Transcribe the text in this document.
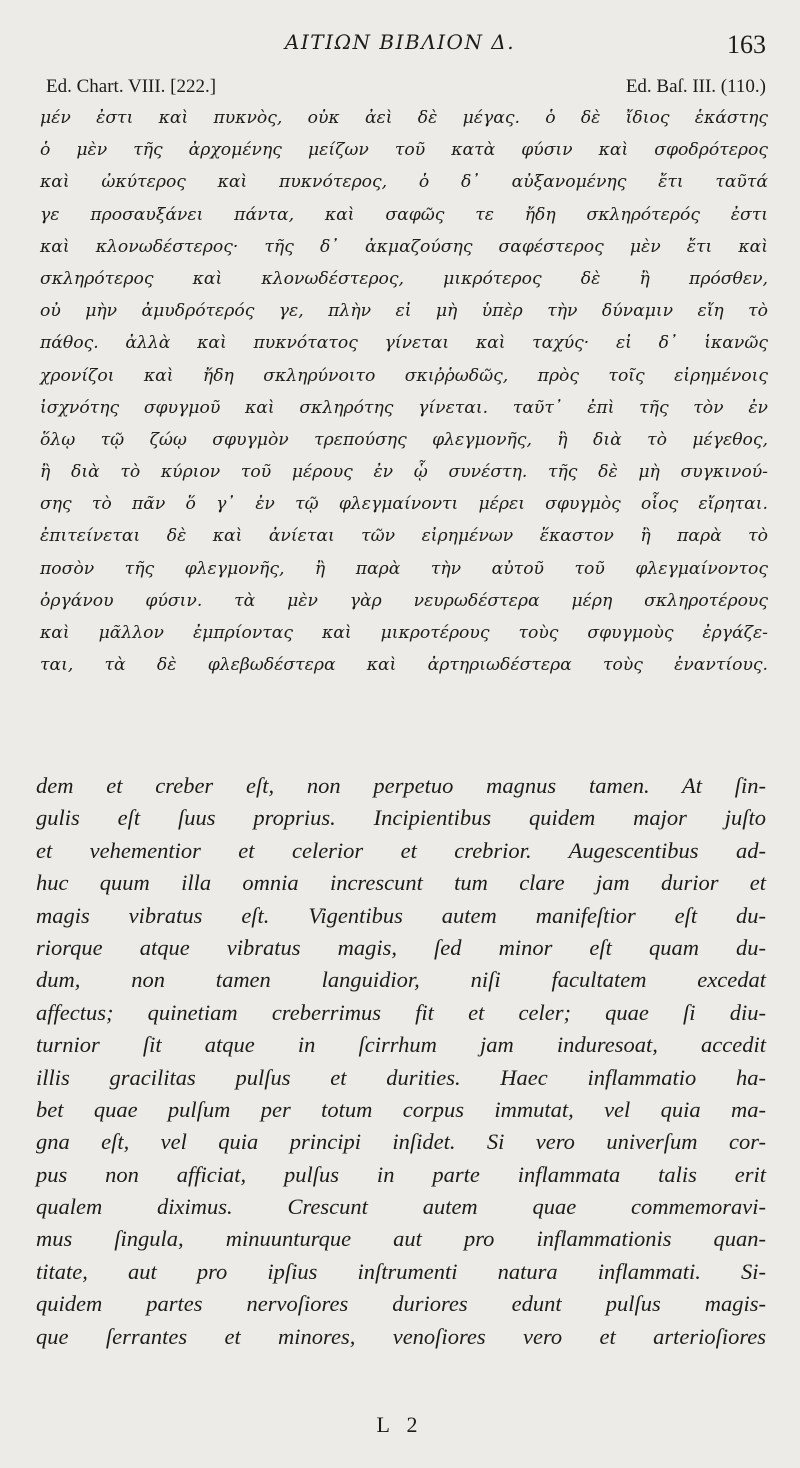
ΑΙΤΙΩΝ ΒΙΒΛΙΟΝ Δ.	163
Ed. Chart. VIII. [222.]	Ed. Baſ. III. (110.)
μέν ἐστι καὶ πυκνὸς, οὐκ ἀεὶ δὲ μέγας. ὁ δὲ ἴδιος ἑκάστης
ὁ μὲν τῆς ἀρχομένης μείζων τοῦ κατὰ φύσιν καὶ σφοδρότερος
καὶ ὠκύτερος καὶ πυκνότερος, ὁ δ᾽ αὐξανομένης ἔτι ταῦτά
γε προσαυξάνει πάντα, καὶ σαφῶς τε ἤδη σκληρότερός ἐστι
καὶ κλονωδέστερος· τῆς δ᾽ ἀκμαζούσης σαφέστερος μὲν ἔτι καὶ
σκληρότερος καὶ κλονωδέστερος, μικρότερος δὲ ἢ πρόσθεν,
οὐ μὴν ἀμυδρότερός γε, πλὴν εἰ μὴ ὑπὲρ τὴν δύναμιν εἴη τὸ
πάθος. ἀλλὰ καὶ πυκνότατος γίνεται καὶ ταχύς· εἰ δ᾽ ἱκανῶς
χρονίζοι καὶ ἤδη σκληρύνοιτο σκιῤῥωδῶς, πρὸς τοῖς εἰρημένοις
ἰσχνότης σφυγμοῦ καὶ σκληρότης γίνεται. ταῦτ᾽ ἐπὶ τῆς τὸν ἐν
ὅλῳ τῷ ζώῳ σφυγμὸν τρεπούσης φλεγμονῆς, ἢ διὰ τὸ μέγεθος,
ἢ διὰ τὸ κύριον τοῦ μέρους ἐν ᾧ συνέστη. τῆς δὲ μὴ συγκινού-
σης τὸ πᾶν ὅ γ᾽ ἐν τῷ φλεγμαίνοντι μέρει σφυγμὸς οἷος εἴρηται.
ἐπιτείνεται δὲ καὶ ἀνίεται τῶν εἰρημένων ἕκαστον ἢ παρὰ τὸ
ποσὸν τῆς φλεγμονῆς, ἢ παρὰ τὴν αὐτοῦ τοῦ φλεγμαίνοντος
ὀργάνου φύσιν. τὰ μὲν γὰρ νευρωδέστερα μέρη σκληροτέρους
καὶ μᾶλλον ἐμπρίοντας καὶ μικροτέρους τοὺς σφυγμοὺς ἐργάζε-
ται, τὰ δὲ φλεβωδέστερα καὶ ἀρτηριωδέστερα τοὺς ἐναντίους.
dem et creber eſt, non perpetuo magnus tamen. At ſin-
gulis eſt ſuus proprius. Incipientibus quidem major juſto
et vehementior et celerior et crebrior. Augescentibus ad-
huc quum illa omnia increscunt tum clare jam durior et
magis vibratus eſt. Vigentibus autem manifeſtior eſt du-
riorque atque vibratus magis, ſed minor eſt quam du-
dum, non tamen languidior, niſi facultatem excedat
affectus; quinetiam creberrimus fit et celer; quae ſi diu-
turnior ſit atque in ſcirrhum jam induresoat, accedit
illis gracilitas pulſus et durities. Haec inflammatio ha-
bet quae pulſum per totum corpus immutat, vel quia ma-
gna eſt, vel quia principi inſidet. Si vero univerſum cor-
pus non afficiat, pulſus in parte inflammata talis erit
qualem diximus. Crescunt autem quae commemoravi-
mus ſingula, minuunturque aut pro inflammationis quan-
titate, aut pro ipſius inſtrumenti natura inflammati. Si-
quidem partes nervoſiores duriores edunt pulſus magis-
que ſerrantes et minores, venoſiores vero et arterioſiores
L 2
